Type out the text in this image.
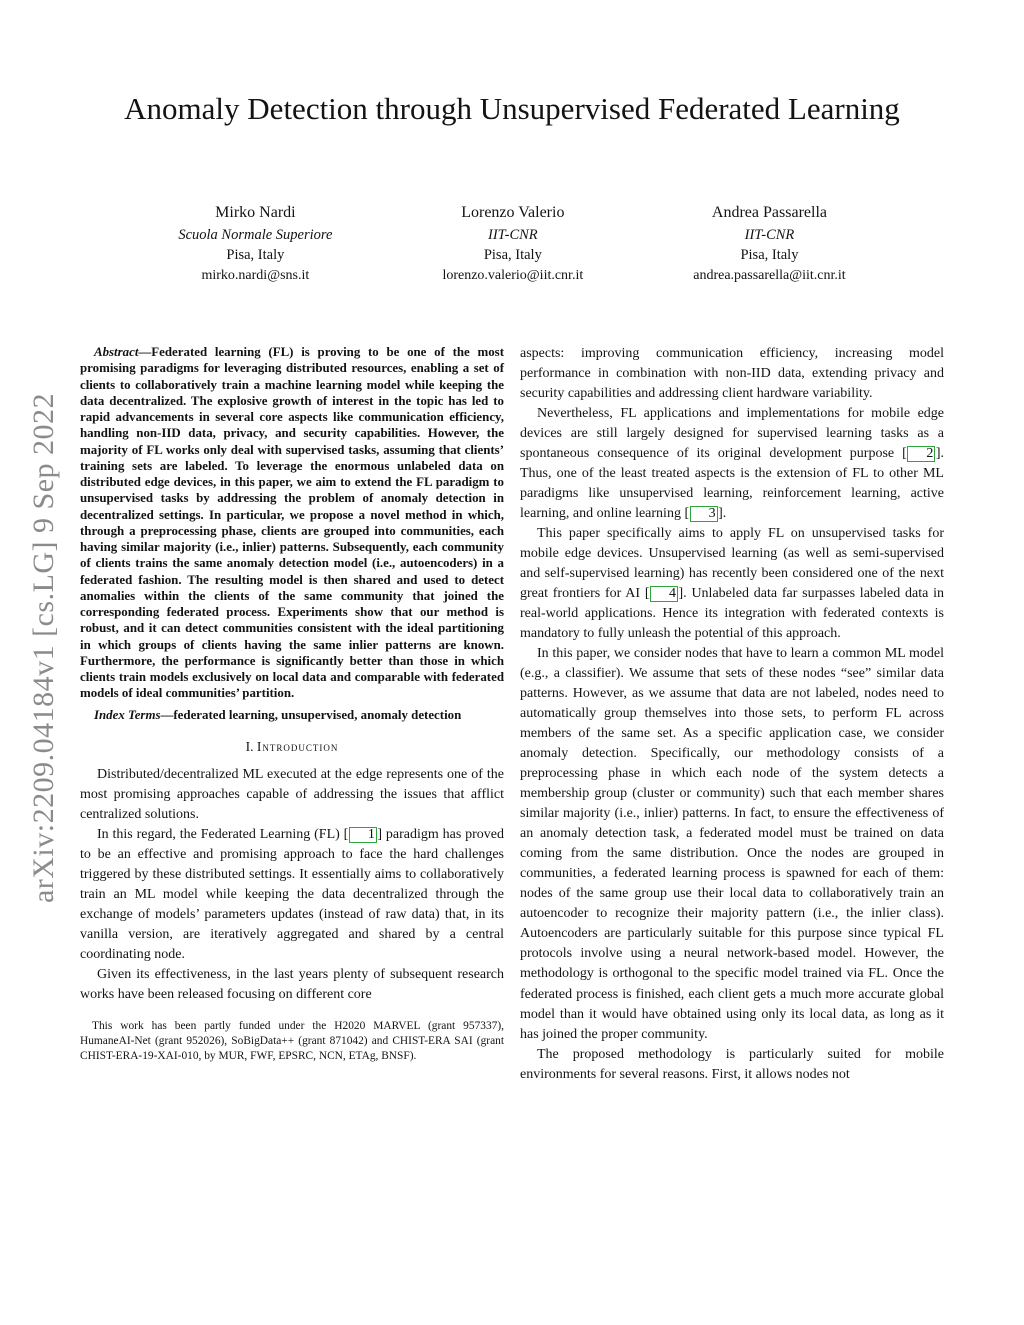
arXiv:2209.04184v1 [cs.LG] 9 Sep 2022
Anomaly Detection through Unsupervised Federated Learning
Mirko Nardi
Scuola Normale Superiore
Pisa, Italy
mirko.nardi@sns.it
Lorenzo Valerio
IIT-CNR
Pisa, Italy
lorenzo.valerio@iit.cnr.it
Andrea Passarella
IIT-CNR
Pisa, Italy
andrea.passarella@iit.cnr.it

Abstract—Federated learning (FL) is proving to be one of the most promising paradigms for leveraging distributed resources, enabling a set of clients to collaboratively train a machine learning model while keeping the data decentralized. The explosive growth of interest in the topic has led to rapid advancements in several core aspects like communication efficiency, handling non-IID data, privacy, and security capabilities. However, the majority of FL works only deal with supervised tasks, assuming that clients’ training sets are labeled. To leverage the enormous unlabeled data on distributed edge devices, in this paper, we aim to extend the FL paradigm to unsupervised tasks by addressing the problem of anomaly detection in decentralized settings. In particular, we propose a novel method in which, through a preprocessing phase, clients are grouped into communities, each having similar majority (i.e., inlier) patterns. Subsequently, each community of clients trains the same anomaly detection model (i.e., autoencoders) in a federated fashion. The resulting model is then shared and used to detect anomalies within the clients of the same community that joined the corresponding federated process. Experiments show that our method is robust, and it can detect communities consistent with the ideal partitioning in which groups of clients having the same inlier patterns are known. Furthermore, the performance is significantly better than those in which clients train models exclusively on local data and comparable with federated models of ideal communities’ partition.

Index Terms—federated learning, unsupervised, anomaly detection

I. Introduction

Distributed/decentralized ML executed at the edge represents one of the most promising approaches capable of addressing the issues that afflict centralized solutions.

In this regard, the Federated Learning (FL) [ 1 ] paradigm has proved to be an effective and promising approach to face the hard challenges triggered by these distributed settings. It essentially aims to collaboratively train an ML model while keeping the data decentralized through the exchange of models’ parameters updates (instead of raw data) that, in its vanilla version, are iteratively aggregated and shared by a central coordinating node.

Given its effectiveness, in the last years plenty of subsequent research works have been released focusing on different core

This work has been partly funded under the H2020 MARVEL (grant 957337), HumaneAI-Net (grant 952026), SoBigData++ (grant 871042) and CHIST-ERA SAI (grant CHIST-ERA-19-XAI-010, by MUR, FWF, EPSRC, NCN, ETAg, BNSF).

aspects: improving communication efficiency, increasing model performance in combination with non-IID data, extending privacy and security capabilities and addressing client hardware variability.

Nevertheless, FL applications and implementations for mobile edge devices are still largely designed for supervised learning tasks as a spontaneous consequence of its original development purpose [ 2 ]. Thus, one of the least treated aspects is the extension of FL to other ML paradigms like unsupervised learning, reinforcement learning, active learning, and online learning [ 3 ].

This paper specifically aims to apply FL on unsupervised tasks for mobile edge devices. Unsupervised learning (as well as semi-supervised and self-supervised learning) has recently been considered one of the next great frontiers for AI [ 4 ]. Unlabeled data far surpasses labeled data in real-world applications. Hence its integration with federated contexts is mandatory to fully unleash the potential of this approach.

In this paper, we consider nodes that have to learn a common ML model (e.g., a classifier). We assume that sets of these nodes “see” similar data patterns. However, as we assume that data are not labeled, nodes need to automatically group themselves into those sets, to perform FL across members of the same set. As a specific application case, we consider anomaly detection. Specifically, our methodology consists of a preprocessing phase in which each node of the system detects a membership group (cluster or community) such that each member shares similar majority (i.e., inlier) patterns. In fact, to ensure the effectiveness of an anomaly detection task, a federated model must be trained on data coming from the same distribution. Once the nodes are grouped in communities, a federated learning process is spawned for each of them: nodes of the same group use their local data to collaboratively train an autoencoder to recognize their majority pattern (i.e., the inlier class). Autoencoders are particularly suitable for this purpose since typical FL protocols involve using a neural network-based model. However, the methodology is orthogonal to the specific model trained via FL. Once the federated process is finished, each client gets a much more accurate global model than it would have obtained using only its local data, as long as it has joined the proper community.

The proposed methodology is particularly suited for mobile environments for several reasons. First, it allows nodes not
